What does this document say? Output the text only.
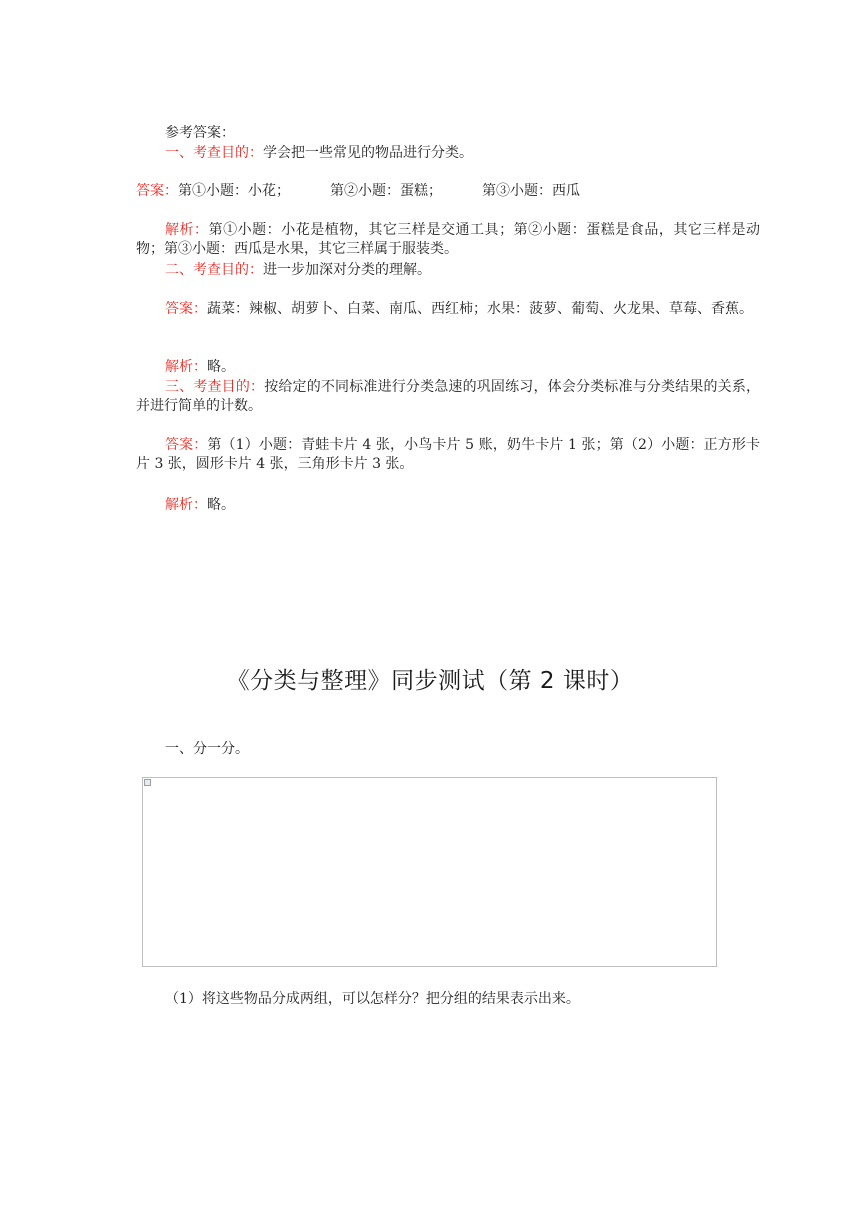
参考答案：
一、考查目的：学会把一些常见的物品进行分类。
答案：第①小题：小花；	第②小题：蛋糕；	第③小题：西瓜
解析：第①小题：小花是植物，其它三样是交通工具；第②小题：蛋糕是食品，其它三样是动物；第③小题：西瓜是水果，其它三样属于服装类。
二、考查目的：进一步加深对分类的理解。
答案：蔬菜：辣椒、胡萝卜、白菜、南瓜、西红柿；水果：菠萝、葡萄、火龙果、草莓、香蕉。
解析：略。
三、考查目的：按给定的不同标准进行分类急速的巩固练习，体会分类标准与分类结果的关系，并进行简单的计数。
答案：第（1）小题：青蛙卡片 4 张，小鸟卡片 5 账，奶牛卡片 1 张；第（2）小题：正方形卡片 3 张，圆形卡片 4 张，三角形卡片 3 张。
解析：略。
《分类与整理》同步测试（第 2 课时）
一、分一分。
（1）将这些物品分成两组，可以怎样分？把分组的结果表示出来。
